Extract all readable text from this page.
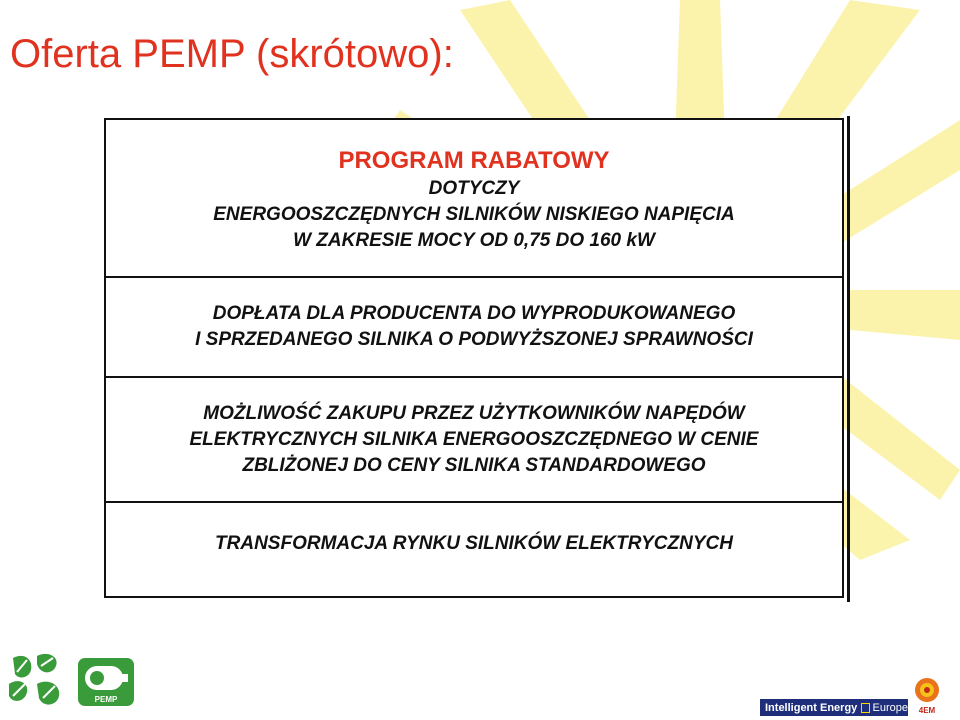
Oferta PEMP (skrótowo):
PROGRAM RABATOWY
DOTYCZY
ENERGOOSZCZĘDNYCH SILNIKÓW NISKIEGO NAPIĘCIA
W ZAKRESIE MOCY OD 0,75 DO 160 kW
DOPŁATA DLA PRODUCENTA DO WYPRODUKOWANEGO
I SPRZEDANEGO SILNIKA O PODWYŻSZONEJ SPRAWNOŚCI
MOŻLIWOŚĆ ZAKUPU PRZEZ UŻYTKOWNIKÓW NAPĘDÓW
ELEKTRYCZNYCH SILNIKA ENERGOOSZCZĘDNEGO W CENIE
ZBLIŻONEJ DO CENY SILNIKA STANDARDOWEGO
TRANSFORMACJA RYNKU SILNIKÓW ELEKTRYCZNYCH
PEMP
Intelligent Energy Europe 4EM
